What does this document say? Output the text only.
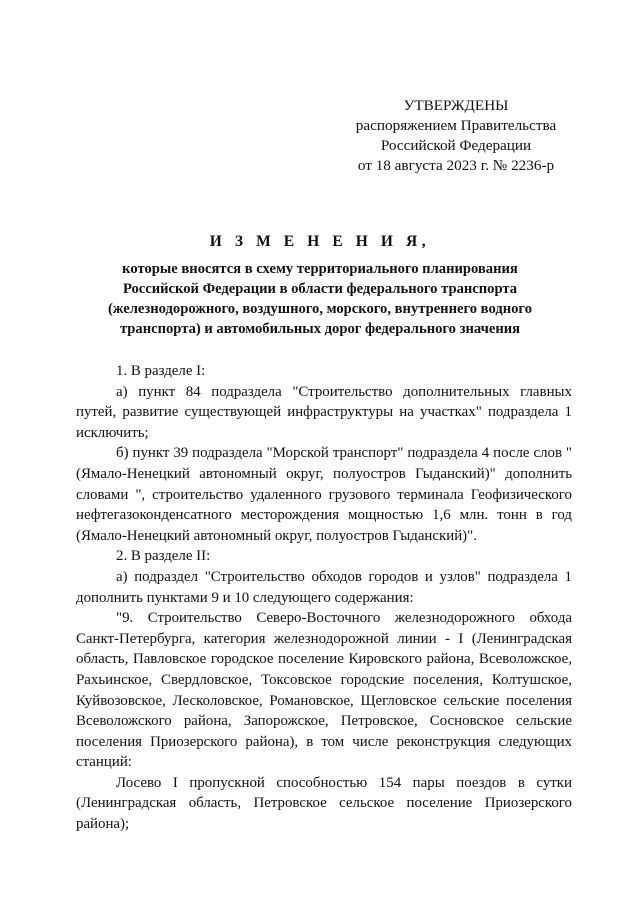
УТВЕРЖДЕНЫ
распоряжением Правительства
Российской Федерации
от 18 августа 2023 г. № 2236-р
И З М Е Н Е Н И Я,
которые вносятся в схему территориального планирования
Российской Федерации в области федерального транспорта
(железнодорожного, воздушного, морского, внутреннего водного
транспорта) и автомобильных дорог федерального значения

1. В разделе I:

а) пункт 84 подраздела "Строительство дополнительных главных путей, развитие существующей инфраструктуры на участках" подраздела 1 исключить;

б) пункт 39 подраздела "Морской транспорт" подраздела 4 после слов "(Ямало-Ненецкий автономный округ, полуостров Гыданский)" дополнить словами ", строительство удаленного грузового терминала Геофизического нефтегазоконденсатного месторождения мощностью 1,6 млн. тонн в год (Ямало-Ненецкий автономный округ, полуостров Гыданский)".

2. В разделе II:

а) подраздел "Строительство обходов городов и узлов" подраздела 1 дополнить пунктами 9 и 10 следующего содержания:

"9. Строительство Северо-Восточного железнодорожного обхода Санкт-Петербурга, категория железнодорожной линии - I (Ленинградская область, Павловское городское поселение Кировского района, Всеволожское, Рахьинское, Свердловское, Токсовское городские поселения, Колтушское, Куйвозовское, Лесколовское, Романовское, Щегловское сельские поселения Всеволожского района, Запорожское, Петровское, Сосновское сельские поселения Приозерского района), в том числе реконструкция следующих станций:

Лосево I пропускной способностью 154 пары поездов в сутки (Ленинградская область, Петровское сельское поселение Приозерского района);
